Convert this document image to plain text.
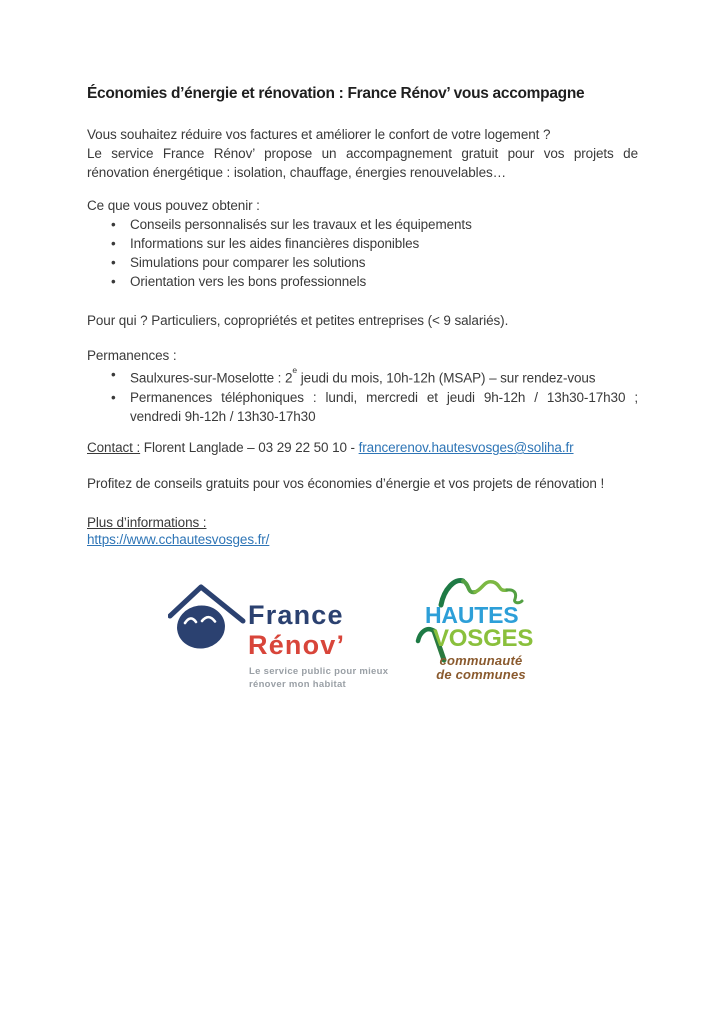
Économies d’énergie et rénovation : France Rénov’ vous accompagne

Vous souhaitez réduire vos factures et améliorer le confort de votre logement ?

Le service France Rénov’ propose un accompagnement gratuit pour vos projets de rénovation énergétique : isolation, chauffage, énergies renouvelables…

Ce que vous pouvez obtenir :

• Conseils personnalisés sur les travaux et les équipements
• Informations sur les aides financières disponibles
• Simulations pour comparer les solutions
• Orientation vers les bons professionnels

Pour qui ? Particuliers, copropriétés et petites entreprises (< 9 salariés).

Permanences :

• Saulxures-sur-Moselotte : 2e jeudi du mois, 10h-12h (MSAP) – sur rendez-vous
• Permanences téléphoniques : lundi, mercredi et jeudi 9h-12h / 13h30-17h30 ; vendredi 9h-12h / 13h30-17h30

Contact : Florent Langlade – 03 29 22 50 10 - francerenov.hautesvosges@soliha.fr

Profitez de conseils gratuits pour vos économies d’énergie et vos projets de rénovation !

Plus d’informations :

https://www.cchautesvosges.fr/

France
Rénov’
Le service public pour mieux
rénover mon habitat
HAUTES
VOSGES
communauté
de communes
